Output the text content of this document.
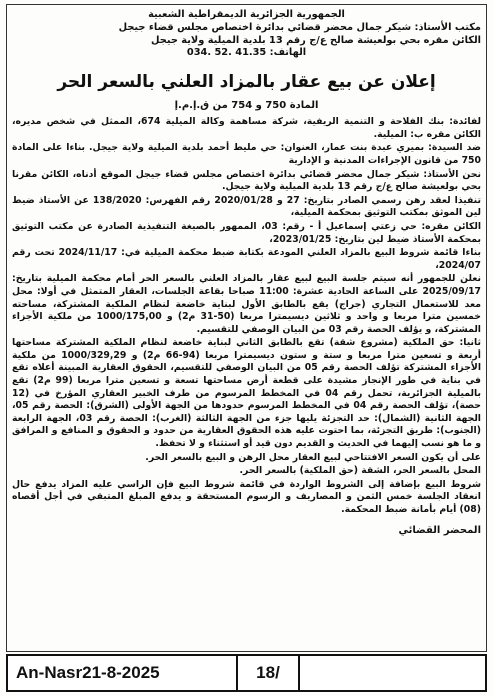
الجمهورية الجزائرية الديمقراطية الشعبية
مكتب الأستاذ: شيكر جمال محضر قضائي بدائرة اختصاص مجلس قضاء جيجل
الكائن مقره بحي بولعيشة صالح ع/ج رقم 13 بلدية الميلية ولاية جيجل
الهاتف: 41.35 .52 .034
إعلان عن بيع عقار بالمزاد العلني بالسعر الحر
المادة 750 و 754 من ق.إ.م.إ

لفائدة: بنك الفلاحة و التنمية الريفية، شركة مساهمة وكالة الميلية 674، الممثل في شخص مديره، الكائن مقره ب: الميلية.

ضد السيدة: بميري عبدة بنت عمار، العنوان: حي مليط أحمد بلدية الميلية ولاية جيجل. بناءا على المادة 750 من قانون الإجراءات المدنية و الإدارية

نحن الأستاذ: شيكر جمال محضر قضائي بدائرة اختصاص مجلس قضاء جيجل الموقع أدناه، الكائن مقرنا بحي بولعيشة صالح ع/ج رقم 13 بلدية الميلية ولاية جيجل.

تنفيذا لعقد رهن رسمي الصادر بتاريخ: 27 و 2020/01/28 رقم الفهرس: 138/2020 عن الأستاذ ضيط لين الموثق بمكتب التوثيق بمحكمة الميلية،

الكائن مقره: حي زعتي إسماعيل أ - رقم: 03، الممهور بالصيغة التنفيذية الصادرة عن مكتب التوثيق بمحكمة الأستاذ ضيط لين بتاريخ: 2023/01/25،

بناءا قائمة شروط البيع بالمزاد العلني المودعة بكتابة ضبط محكمة الميلية في: 2024/11/17 تحت رقم 2024/07،

نعلن للجمهور أنه سيتم جلسة البيع لبيع عقار بالمزاد العلني بالسعر الحر أمام محكمة الميلية بتاريخ: 2025/09/17 على الساعة الحادية عشرة: 11:00 صباحا بقاعة الجلسات، العقار المتمثل في أولا: محل معد للاستعمال التجاري (جراج) يقع بالطابق الأول لبناية خاضعة لنظام الملكية المشتركة، مساحته خمسين مترا مربعا و واحد و ثلاثين ديسيمترا مربعا (50-31 م2) و 1000/175,00 من ملكية الأجزاء المشتركة، و يؤلف الحصة رقم 03 من البيان الوصفي للتقسيم.

ثانيا: حق الملكية (مشروع شقة) تقع بالطابق الثاني لبناية خاضعة لنظام الملكية المشتركة مساحتها أربعة و تسعين مترا مربعا و ستة و ستون ديسيمترا مربعا (94-66 م2) و 1000/329,29 من ملكية الأجزاء المشتركة تؤلف الحصة رقم 05 من البيان الوصفي للتقسيم، الحقوق العقارية المبينة أعلاه تقع في بناية في طور الإنجاز مشيدة على قطعة أرض مساحتها تسعة و تسعين مترا مربعا (99 م2) تقع بالميلية الجزائرية، تحمل رقم 04 في المخطط المرسوم من طرف الخبير العقاري المؤرخ في (12 حصة)، تؤلف الحصة رقم 04 في المخطط المرسوم حدودها من الجهة الأولى (الشرق): الحصة رقم 05، الجهة الثانية (الشمال): حد التجزئة يليها جزء من الجهة الثالثة (الغرب): الحصة رقم 03، الجهة الرابعة (الجنوب): طريق التجزئة، بما احتوت عليه هذه الحقوق العقارية من حدود و الحقوق و المنافع و المرافق و ما هو نسب إليهما في الحديث و القديم دون قيد أو استثناء و لا تحفظ.

على أن يكون السعر الافتتاحي لبيع العقار محل الرهن و البيع بالسعر الحر.

المحل بالسعر الحر، الشقة (حق الملكية) بالسعر الحر.

شروط البيع بإضافة إلى الشروط الواردة في قائمة شروط البيع فإن الراسي عليه المزاد يدفع حال انعقاد الجلسة خمس الثمن و المصاريف و الرسوم المستحقة و يدفع المبلغ المتبقي في أجل أقصاه (08) أيام بأمانة ضبط المحكمة.

المحضر القضائي
An-Nasr21-8-2025	18/
